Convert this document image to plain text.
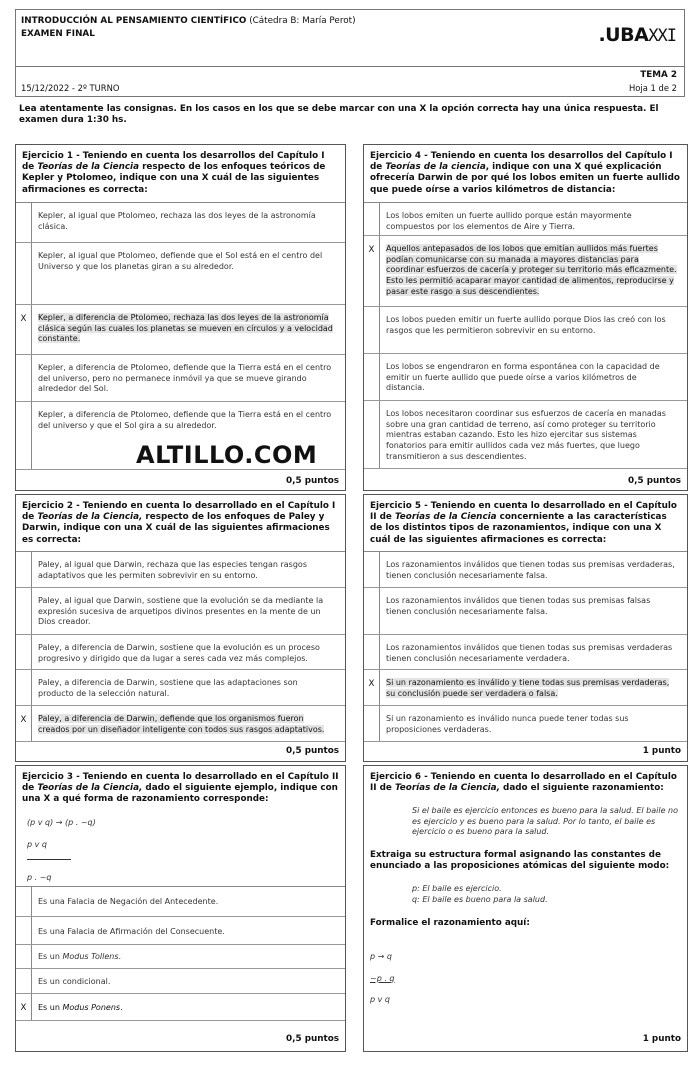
INTRODUCCIÓN AL PENSAMIENTO CIENTÍFICO (Cátedra B: María Perot)
EXAMEN FINAL	.UBAXXI
15/12/2022 - 2º TURNO
TEMA 2
Hoja 1 de 2
Lea atentamente las consignas. En los casos en los que se debe marcar con una X la opción correcta hay una única respuesta. El examen dura 1:30 hs.
Ejercicio 1 - Teniendo en cuenta los desarrollos del Capítulo I de Teorías de la Ciencia respecto de los enfoques teóricos de Kepler y Ptolomeo, indique con una X cuál de las siguientes afirmaciones es correcta:
Kepler, al igual que Ptolomeo, rechaza las dos leyes de la astronomía clásica.
Kepler, al igual que Ptolomeo, defiende que el Sol está en el centro del Universo y que los planetas giran a su alrededor.
X	Kepler, a diferencia de Ptolomeo, rechaza las dos leyes de la astronomía clásica según las cuales los planetas se mueven en círculos y a velocidad constante.
Kepler, a diferencia de Ptolomeo, defiende que la Tierra está en el centro del universo, pero no permanece inmóvil ya que se mueve girando alrededor del Sol.
Kepler, a diferencia de Ptolomeo, defiende que la Tierra está en el centro del universo y que el Sol gira a su alrededor.
0,5 puntos
ALTILLO.COM
Ejercicio 4 - Teniendo en cuenta los desarrollos del Capítulo I de Teorías de la ciencia, indique con una X qué explicación ofrecería Darwin de por qué los lobos emiten un fuerte aullido que puede oírse a varios kilómetros de distancia:
Los lobos emiten un fuerte aullido porque están mayormente compuestos por los elementos de Aire y Tierra.
X	Aquellos antepasados de los lobos que emitían aullidos más fuertes podían comunicarse con su manada a mayores distancias para coordinar esfuerzos de cacería y proteger su territorio más eficazmente. Esto les permitió acaparar mayor cantidad de alimentos, reproducirse y pasar este rasgo a sus descendientes.
Los lobos pueden emitir un fuerte aullido porque Dios las creó con los rasgos que les permitieron sobrevivir en su entorno.
Los lobos se engendraron en forma espontánea con la capacidad de emitir un fuerte aullido que puede oírse a varios kilómetros de distancia.
Los lobos necesitaron coordinar sus esfuerzos de cacería en manadas sobre una gran cantidad de terreno, así como proteger su territorio mientras estaban cazando. Esto les hizo ejercitar sus sistemas fonatorios para emitir aullidos cada vez más fuertes, que luego transmitieron a sus descendientes.
0,5 puntos
Ejercicio 2 - Teniendo en cuenta lo desarrollado en el Capítulo I de Teorías de la Ciencia, respecto de los enfoques de Paley y Darwin, indique con una X cuál de las siguientes afirmaciones es correcta:
Paley, al igual que Darwin, rechaza que las especies tengan rasgos adaptativos que les permiten sobrevivir en su entorno.
Paley, al igual que Darwin, sostiene que la evolución se da mediante la expresión sucesiva de arquetipos divinos presentes en la mente de un Dios creador.
Paley, a diferencia de Darwin, sostiene que la evolución es un proceso progresivo y dirigido que da lugar a seres cada vez más complejos.
Paley, a diferencia de Darwin, sostiene que las adaptaciones son producto de la selección natural.
X	Paley, a diferencia de Darwin, defiende que los organismos fueron creados por un diseñador inteligente con todos sus rasgos adaptativos.
0,5 puntos
Ejercicio 5 - Teniendo en cuenta lo desarrollado en el Capítulo II de Teorías de la Ciencia concerniente a las características de los distintos tipos de razonamientos, indique con una X cuál de las siguientes afirmaciones es correcta:
Los razonamientos inválidos que tienen todas sus premisas verdaderas, tienen conclusión necesariamente falsa.
Los razonamientos inválidos que tienen todas sus premisas falsas tienen conclusión necesariamente falsa.
Los razonamientos inválidos que tienen todas sus premisas verdaderas tienen conclusión necesariamente verdadera.
X	Si un razonamiento es inválido y tiene todas sus premisas verdaderas, su conclusión puede ser verdadera o falsa.
Si un razonamiento es inválido nunca puede tener todas sus proposiciones verdaderas.
1 punto
Ejercicio 3 - Teniendo en cuenta lo desarrollado en el Capítulo II de Teorías de la Ciencia, dado el siguiente ejemplo, indique con una X a qué forma de razonamiento corresponde:
(p v q) → (p . ~q)
p v q
p . ~q
Es una Falacia de Negación del Antecedente.
Es una Falacia de Afirmación del Consecuente.
Es un Modus Tollens.
Es un condicional.
X	Es un Modus Ponens.
0,5 puntos
Ejercicio 6 - Teniendo en cuenta lo desarrollado en el Capítulo II de Teorías de la Ciencia, dado el siguiente razonamiento:
Si el baile es ejercicio entonces es bueno para la salud. El baile no es ejercicio y es bueno para la salud. Por lo tanto, el baile es ejercicio o es bueno para la salud.
Extraiga su estructura formal asignando las constantes de enunciado a las proposiciones atómicas del siguiente modo:
p: El baile es ejercicio.
q: El baile es bueno para la salud.
Formalice el razonamiento aquí:
p → q
~p . q
p v q
1 punto
